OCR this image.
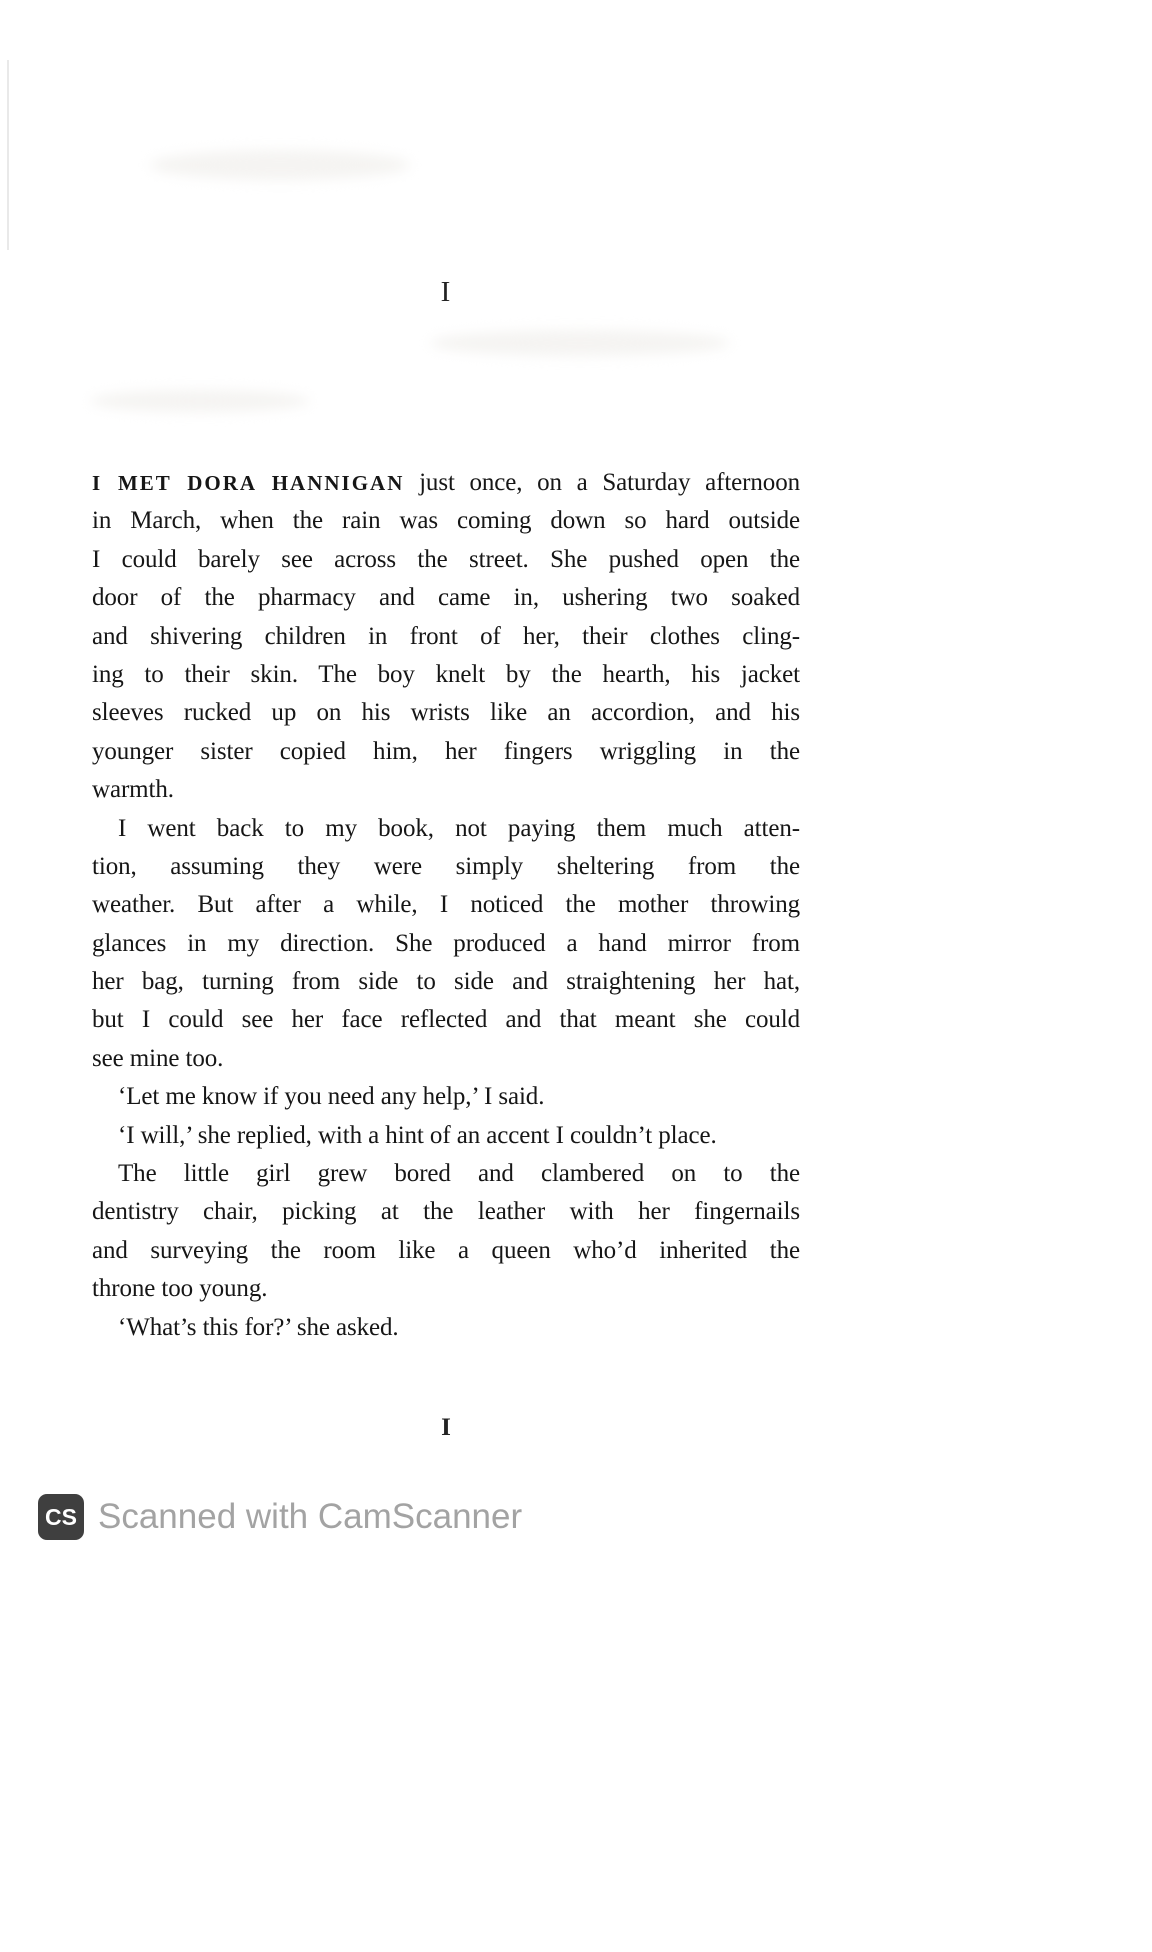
I
I MET DORA HANNIGAN just once, on a Saturday afternoon
in March, when the rain was coming down so hard outside
I could barely see across the street. She pushed open the
door of the pharmacy and came in, ushering two soaked
and shivering children in front of her, their clothes cling-
ing to their skin. The boy knelt by the hearth, his jacket
sleeves rucked up on his wrists like an accordion, and his
younger sister copied him, her fingers wriggling in the
warmth.
I went back to my book, not paying them much atten-
tion, assuming they were simply sheltering from the
weather. But after a while, I noticed the mother throwing
glances in my direction. She produced a hand mirror from
her bag, turning from side to side and straightening her hat,
but I could see her face reflected and that meant she could
see mine too.
‘Let me know if you need any help,’ I said.
‘I will,’ she replied, with a hint of an accent I couldn’t place.
The little girl grew bored and clambered on to the
dentistry chair, picking at the leather with her fingernails
and surveying the room like a queen who’d inherited the
throne too young.
‘What’s this for?’ she asked.
I
CS Scanned with CamScanner
